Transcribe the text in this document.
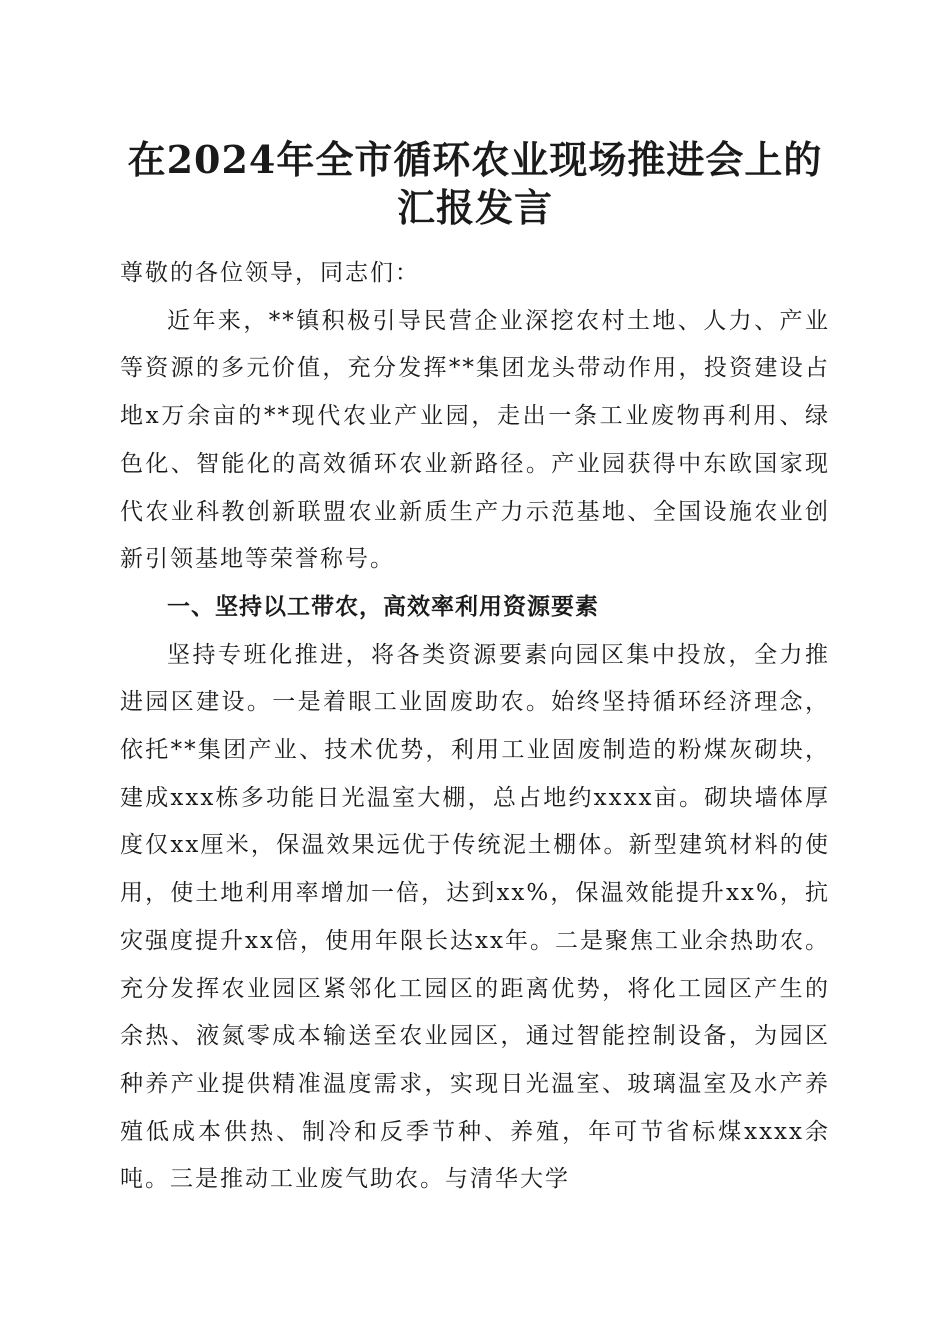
在2024年全市循环农业现场推进会上的汇报发言

尊敬的各位领导，同志们：

近年来，**镇积极引导民营企业深挖农村土地、人力、产业等资源的多元价值，充分发挥**集团龙头带动作用，投资建设占地x万余亩的**现代农业产业园，走出一条工业废物再利用、绿色化、智能化的高效循环农业新路径。产业园获得中东欧国家现代农业科教创新联盟农业新质生产力示范基地、全国设施农业创新引领基地等荣誉称号。

一、坚持以工带农，高效率利用资源要素

坚持专班化推进，将各类资源要素向园区集中投放，全力推进园区建设。一是着眼工业固废助农。始终坚持循环经济理念，依托**集团产业、技术优势，利用工业固废制造的粉煤灰砌块，建成xxx栋多功能日光温室大棚，总占地约xxxx亩。砌块墙体厚度仅xx厘米，保温效果远优于传统泥土棚体。新型建筑材料的使用，使土地利用率增加一倍，达到xx%，保温效能提升xx%，抗灾强度提升xx倍，使用年限长达xx年。二是聚焦工业余热助农。充分发挥农业园区紧邻化工园区的距离优势，将化工园区产生的余热、液氮零成本输送至农业园区，通过智能控制设备，为园区种养产业提供精准温度需求，实现日光温室、玻璃温室及水产养殖低成本供热、制冷和反季节种、养殖，年可节省标煤xxxx余吨。三是推动工业废气助农。与清华大学
